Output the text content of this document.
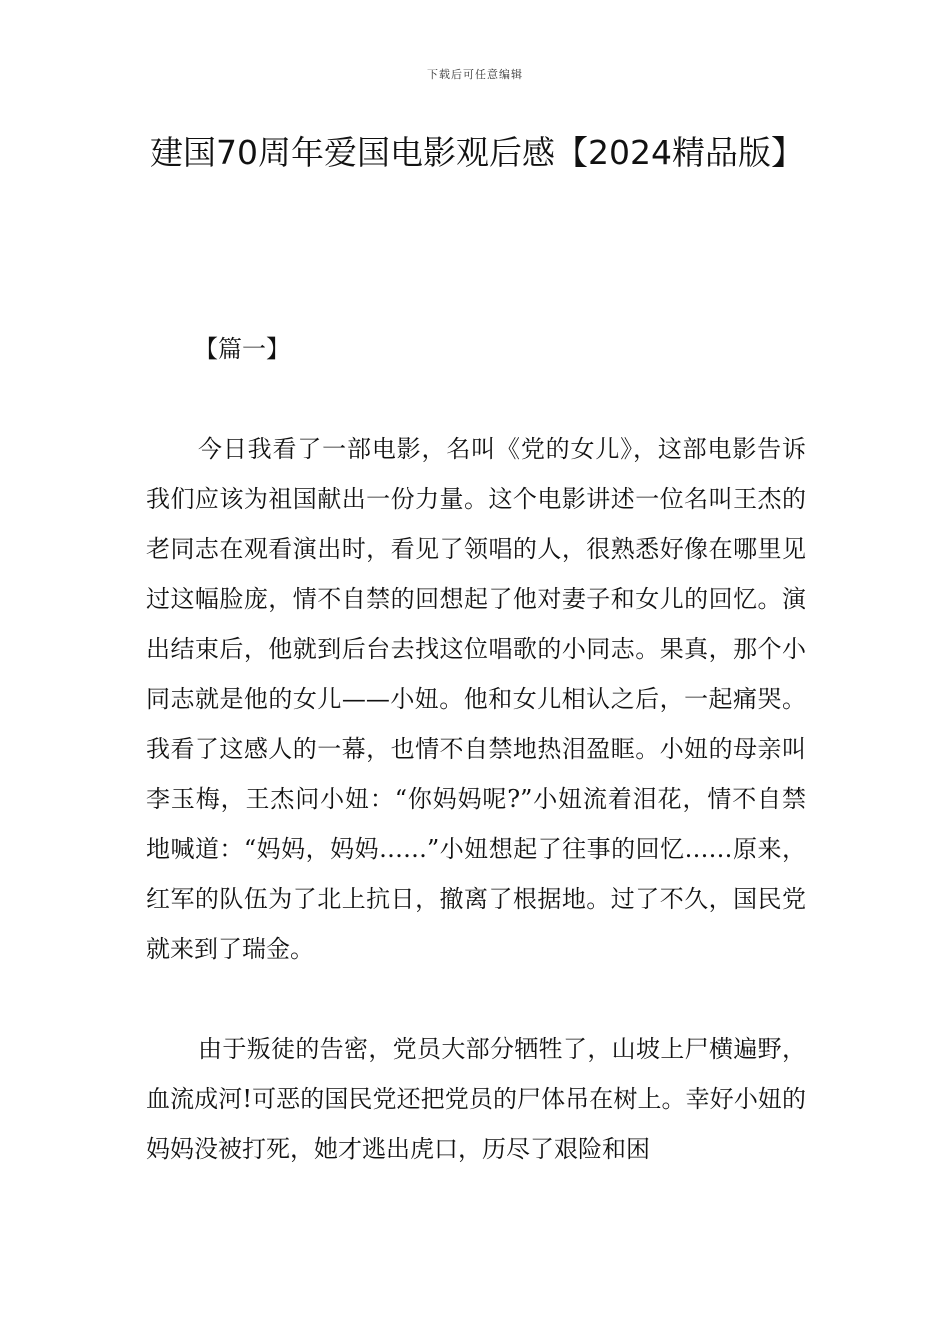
下载后可任意编辑
建国70周年爱国电影观后感【2024精品版】
【篇一】

今日我看了一部电影，名叫《党的女儿》，这部电影告诉我们应该为祖国献出一份力量。这个电影讲述一位名叫王杰的老同志在观看演出时，看见了领唱的人，很熟悉好像在哪里见过这幅脸庞，情不自禁的回想起了他对妻子和女儿的回忆。演出结束后，他就到后台去找这位唱歌的小同志。果真，那个小同志就是他的女儿——小妞。他和女儿相认之后，一起痛哭。我看了这感人的一幕，也情不自禁地热泪盈眶。小妞的母亲叫李玉梅，王杰问小妞：“你妈妈呢?”小妞流着泪花，情不自禁地喊道：“妈妈，妈妈……”小妞想起了往事的回忆……原来，红军的队伍为了北上抗日，撤离了根据地。过了不久，国民党就来到了瑞金。

由于叛徒的告密，党员大部分牺牲了，山坡上尸横遍野，血流成河!可恶的国民党还把党员的尸体吊在树上。幸好小妞的妈妈没被打死，她才逃出虎口，历尽了艰险和困
